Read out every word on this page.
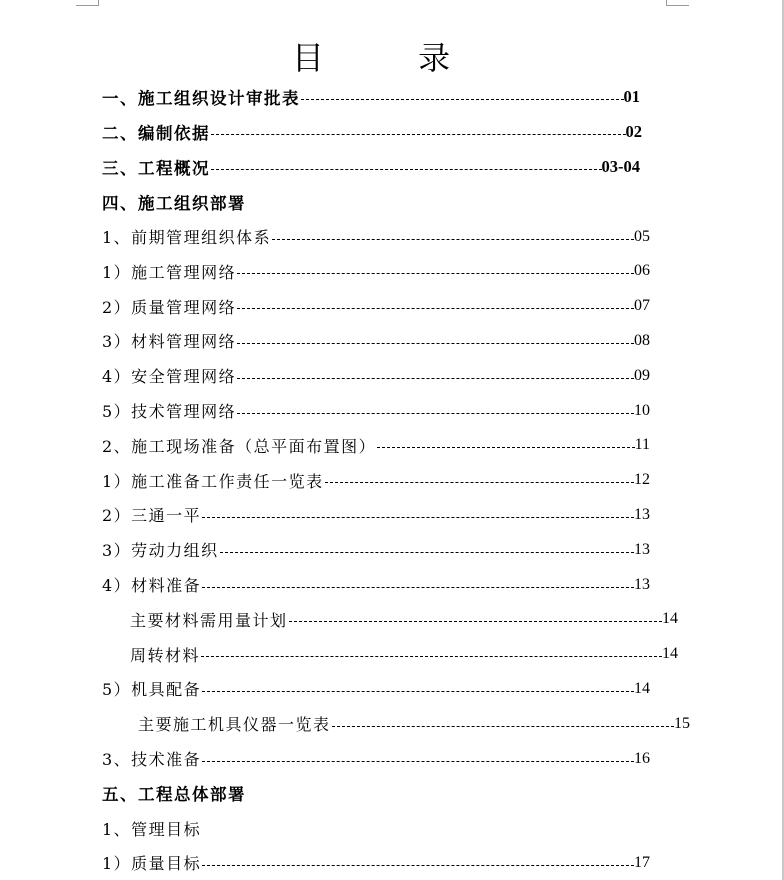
目 录
一、施工组织设计审批表	01
二、编制依据	02
三、工程概况	03-04
四、施工组织部署
1、前期管理组织体系	05
1）施工管理网络	06
2）质量管理网络	07
3）材料管理网络	08
4）安全管理网络	09
5）技术管理网络	10
2、施工现场准备（总平面布置图）	11
1）施工准备工作责任一览表	12
2）三通一平	13
3）劳动力组织	13
4）材料准备	13
主要材料需用量计划	14
周转材料	14
5）机具配备	14
主要施工机具仪器一览表	15
3、技术准备	16
五、工程总体部署
1、管理目标
1）质量目标	17
